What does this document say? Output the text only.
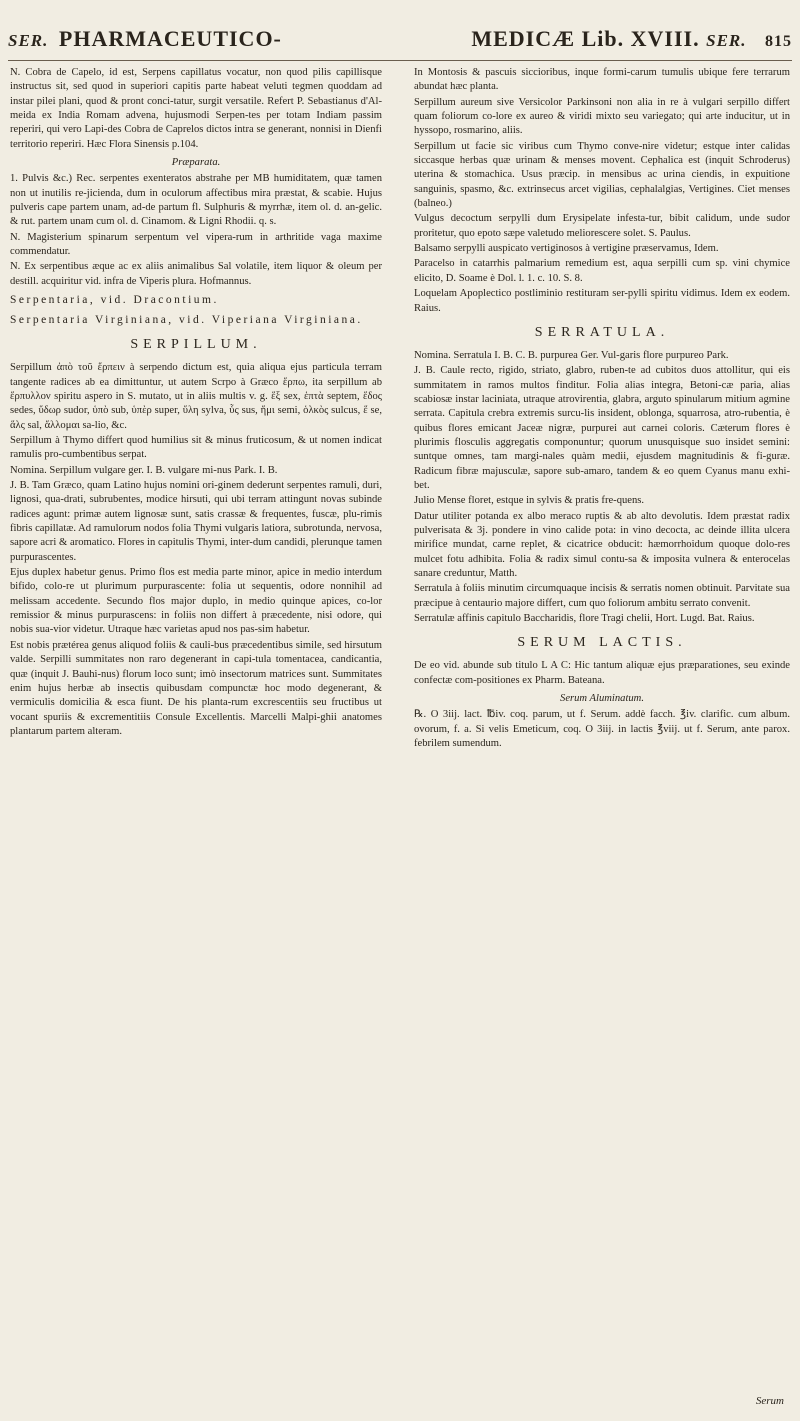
SER. PHARMACEUTICO-	MEDICÆ Lib. XVIII. SER. 815

N. Cobra de Capelo, id est, Serpens capillatus vocatur, non quod pilis capillisque instructus sit, sed quod in superiori capitis parte habeat veluti tegmen quoddam ad instar pilei plani, quod & pront conci-tatur, surgit versatile. Refert P. Sebastianus d'Al-meida ex India Romam advena, hujusmodi Serpen-tes per totam Indiam passim reperiri, qui vero Lapi-des Cobra de Caprelos dictos intra se generant, nonnisi in Dienfi territorio reperiri. Hæc Flora Sinensis p.104.

Præparata.

1. Pulvis &c.) Rec. serpentes exenteratos abstrahe per MB humiditatem, quæ tamen non ut inutilis re-jicienda, dum in oculorum affectibus mira præstat, & scabie. Hujus pulveris cape partem unam, ad-de partum fl. Sulphuris & myrrhæ, item ol. d. an-gelic. & rut. partem unam cum ol. d. Cinamom. & Ligni Rhodii. q. s.

N. Magisterium spinarum serpentum vel vipera-rum in arthritide vaga maxime commendatur.

N. Ex serpentibus æque ac ex aliis animalibus Sal volatile, item liquor & oleum per destill. acquiritur vid. infra de Viperis plura. Hofmannus.

Serpentaria, vid. Dracontium.

Serpentaria Virginiana, vid. Viperiana Virginiana.

SERPILLUM.

Serpillum ἀπὸ τοῦ ἕρπειν à serpendo dictum est, quia aliqua ejus particula terram tangente radices ab ea dimittuntur, ut autem Scrpo à Græco ἕρπω, ita serpillum ab ἕρπυλλον spiritu aspero in S. mutato, ut in aliis multis v. g. ἕξ sex, ἑπτὰ septem, ἕδος sedes, ὕδωρ sudor, ὑπὸ sub, ὑπὲρ super, ὕλη sylva, ὗς sus, ἥμι semi, ὁλκὸς sulcus, ἕ se, ἅλς sal, ἅλλομαι sa-lio, &c.

Serpillum à Thymo differt quod humilius sit & minus fruticosum, & ut nomen indicat ramulis pro-cumbentibus serpat.

Nomina. Serpillum vulgare ger. I. B. vulgare mi-nus Park. I. B.

J. B. Tam Græco, quam Latino hujus nomini ori-ginem dederunt serpentes ramuli, duri, lignosi, qua-drati, subrubentes, modice hirsuti, qui ubi terram attingunt novas subinde radices agunt: primæ autem lignosæ sunt, satis crassæ & frequentes, fuscæ, plu-rimis fibris capillatæ. Ad ramulorum nodos folia Thymi vulgaris latiora, subrotunda, nervosa, sapore acri & aromatico. Flores in capitulis Thymi, inter-dum candidi, plerunque tamen purpurascentes.

Ejus duplex habetur genus. Primo flos est media parte minor, apice in medio interdum bifido, colo-re ut plurimum purpurascente: folia ut sequentis, odore nonnihil ad melissam accedente. Secundo flos major duplo, in medio quinque apices, co-lor remissior & minus purpurascens: in foliis non differt à præcedente, nisi odore, qui nobis sua-vior videtur. Utraque hæc varietas apud nos pas-sim habetur.

Est nobis prætérea genus aliquod foliis & cauli-bus præcedentibus simile, sed hirsutum valde. Serpilli summitates non raro degenerant in capi-tula tomentacea, candicantia, quæ (inquit J. Bauhi-nus) florum loco sunt; imò insectorum matrices sunt. Summitates enim hujus herbæ ab insectis quibusdam compunctæ hoc modo degenerant, & vermiculis domicilia & esca fiunt. De his planta-rum excrescentiis seu fructibus ut vocant spuriis & excrementitiis Consule Excellentis. Marcelli Malpi-ghii anatomes plantarum partem alteram.

In Montosis & pascuis siccioribus, inque formi-carum tumulis ubique fere terrarum abundat hæc planta.

Serpillum aureum sive Versicolor Parkinsoni non alia in re à vulgari serpillo differt quam foliorum co-lore ex aureo & viridi mixto seu variegato; qui arte inducitur, ut in hyssopo, rosmarino, aliis.

Serpillum ut facie sic viribus cum Thymo conve-nire videtur; estque inter calidas siccasque herbas quæ urinam & menses movent. Cephalica est (inquit Schroderus) uterina & stomachica. Usus præcip. in mensibus ac urina ciendis, in expuitione sanguinis, spasmo, &c. extrinsecus arcet vigilias, cephalalgias, Vertigines. Ciet menses (balneo.)

Vulgus decoctum serpylli dum Erysipelate infesta-tur, bibit calidum, unde sudor proritetur, quo epoto sæpe valetudo meliorescere solet. S. Paulus.

Balsamo serpylli auspicato vertiginosos à vertigine præservamus, Idem.

Paracelso in catarrhis palmarium remedium est, aqua serpilli cum sp. vini chymice elicito, D. Soame è Dol. l. 1. c. 10. S. 8.

Loquelam Apoplecticо postliminio restituram ser-pylli spiritu vidimus. Idem ex eodem. Raius.

SERRATULA.

Nomina. Serratula I. B. C. B. purpurea Ger. Vul-garis flore purpureo Park.

J. B. Caule recto, rigido, striato, glabro, ruben-te ad cubitos duos attollitur, qui eis summitatem in ramos multos finditur. Folia alias integra, Betoni-cæ paria, alias scabiosæ instar laciniata, utraque atrovirentia, glabra, arguto spinularum mitium agmine serrata. Capitula crebra extremis surcu-lis insident, oblonga, squarrosa, atro-rubentia, è quibus flores emicant Jaceæ nigræ, purpurei aut carnei coloris. Cæterum flores è plurimis flosculis aggregatis componuntur; quorum unusquisque suo insidet semini: suntque omnes, tam margi-nales quàm medii, ejusdem magnitudinis & fi-guræ. Radicum fibræ majusculæ, sapore sub-amaro, tandem & eo quem Cyanus manu exhi-bet.

Julio Mense floret, estque in sylvis & pratis fre-quens.

Datur utiliter potanda ex albo meraco ruptis & ab alto devolutis. Idem præstat radix pulverisata & 3j. pondere in vino calide pota: in vino decocta, ac deinde illita ulcera mirifice mundat, carne replet, & cicatrice obducit: hæmorrhoidum quoque dolo-res mulcet fotu adhibita. Folia & radix simul contu-sa & imposita vulnera & enterocelas sanare creduntur, Matth.

Serratula à foliis minutim circumquaque incisis & serratis nomen obtinuit. Parvitate sua præcipue à centaurio majore differt, cum quo foliorum ambitu serrato convenit.

Serratulæ affinis capitulo Baccharidis, flore Tragi chelii, Hort. Lugd. Bat. Raius.

SERUM LACTIS.

De eo vid. abunde sub titulo L A C: Hic tantum aliquæ ejus præparationes, seu exinde confectæ com-positiones ex Pharm. Bateana.

Serum Aluminatum.

℞. O 3iij. lact. ℔iv. coq. parum, ut f. Serum. addè facch. ℥iv. clarific. cum album. ovorum, f. a. Si velis Emeticum, coq. O 3iij. in lactis ℥viij. ut f. Serum, ante parox. febrilem sumendum.

Serum
